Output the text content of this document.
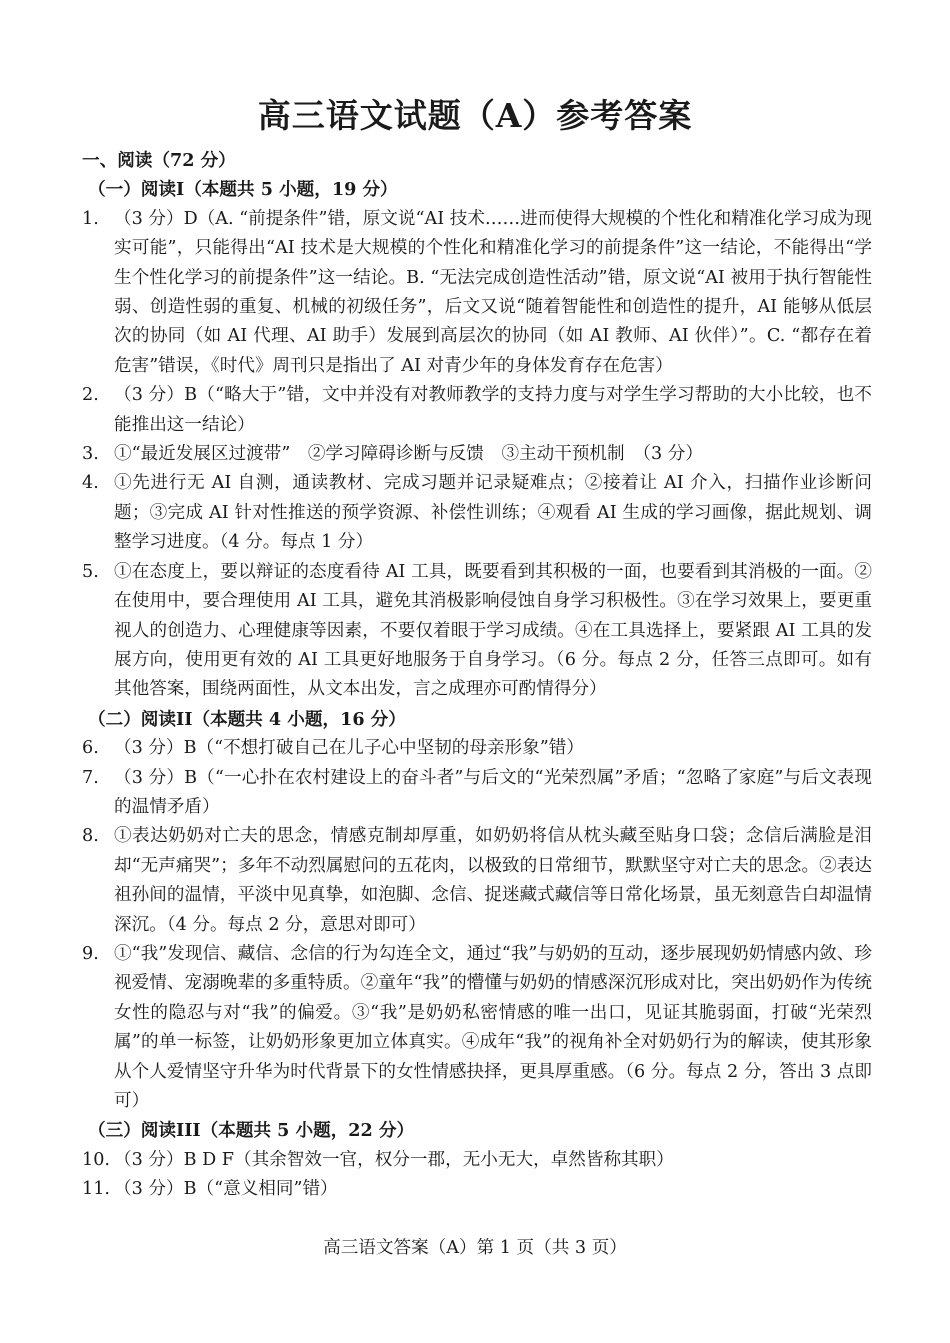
高三语文试题（A）参考答案
一、阅读（72 分）
（一）阅读I（本题共 5 小题，19 分）
1. （3 分）D（A. “前提条件”错，原文说“AI 技术……进而使得大规模的个性化和精准化学习成为现实可能”，只能得出“AI 技术是大规模的个性化和精准化学习的前提条件”这一结论，不能得出“学生个性化学习的前提条件”这一结论。B. “无法完成创造性活动”错，原文说“AI 被用于执行智能性弱、创造性弱的重复、机械的初级任务”，后文又说“随着智能性和创造性的提升，AI 能够从低层次的协同（如 AI 代理、AI 助手）发展到高层次的协同（如 AI 教师、AI 伙伴）”。C. “都存在着危害”错误，《时代》周刊只是指出了 AI 对青少年的身体发育存在危害）
2. （3 分）B（“略大于”错，文中并没有对教师教学的支持力度与对学生学习帮助的大小比较，也不能推出这一结论）
3. ①“最近发展区过渡带”　②学习障碍诊断与反馈　③主动干预机制　（3 分）
4. ①先进行无 AI 自测，通读教材、完成习题并记录疑难点；②接着让 AI 介入，扫描作业诊断问题；③完成 AI 针对性推送的预学资源、补偿性训练；④观看 AI 生成的学习画像，据此规划、调整学习进度。（4 分。每点 1 分）
5. ①在态度上，要以辩证的态度看待 AI 工具，既要看到其积极的一面，也要看到其消极的一面。②在使用中，要合理使用 AI 工具，避免其消极影响侵蚀自身学习积极性。③在学习效果上，要更重视人的创造力、心理健康等因素，不要仅着眼于学习成绩。④在工具选择上，要紧跟 AI 工具的发展方向，使用更有效的 AI 工具更好地服务于自身学习。（6 分。每点 2 分，任答三点即可。如有其他答案，围绕两面性，从文本出发，言之成理亦可酌情得分）
（二）阅读II（本题共 4 小题，16 分）
6. （3 分）B（“不想打破自己在儿子心中坚韧的母亲形象”错）
7. （3 分）B（“一心扑在农村建设上的奋斗者”与后文的“光荣烈属”矛盾；“忽略了家庭”与后文表现的温情矛盾）
8. ①表达奶奶对亡夫的思念，情感克制却厚重，如奶奶将信从枕头藏至贴身口袋；念信后满脸是泪却“无声痛哭”；多年不动烈属慰问的五花肉，以极致的日常细节，默默坚守对亡夫的思念。②表达祖孙间的温情，平淡中见真挚，如泡脚、念信、捉迷藏式藏信等日常化场景，虽无刻意告白却温情深沉。（4 分。每点 2 分，意思对即可）
9. ①“我”发现信、藏信、念信的行为勾连全文，通过“我”与奶奶的互动，逐步展现奶奶情感内敛、珍视爱情、宠溺晚辈的多重特质。②童年“我”的懵懂与奶奶的情感深沉形成对比，突出奶奶作为传统女性的隐忍与对“我”的偏爱。③“我”是奶奶私密情感的唯一出口，见证其脆弱面，打破“光荣烈属”的单一标签，让奶奶形象更加立体真实。④成年“我”的视角补全对奶奶行为的解读，使其形象从个人爱情坚守升华为时代背景下的女性情感抉择，更具厚重感。（6 分。每点 2 分，答出 3 点即可）
（三）阅读III（本题共 5 小题，22 分）
10. （3 分）B D F（其余智效一官，权分一郡，无小无大，卓然皆称其职）
11. （3 分）B（“意义相同”错）
高三语文答案（A）第 1 页（共 3 页）
